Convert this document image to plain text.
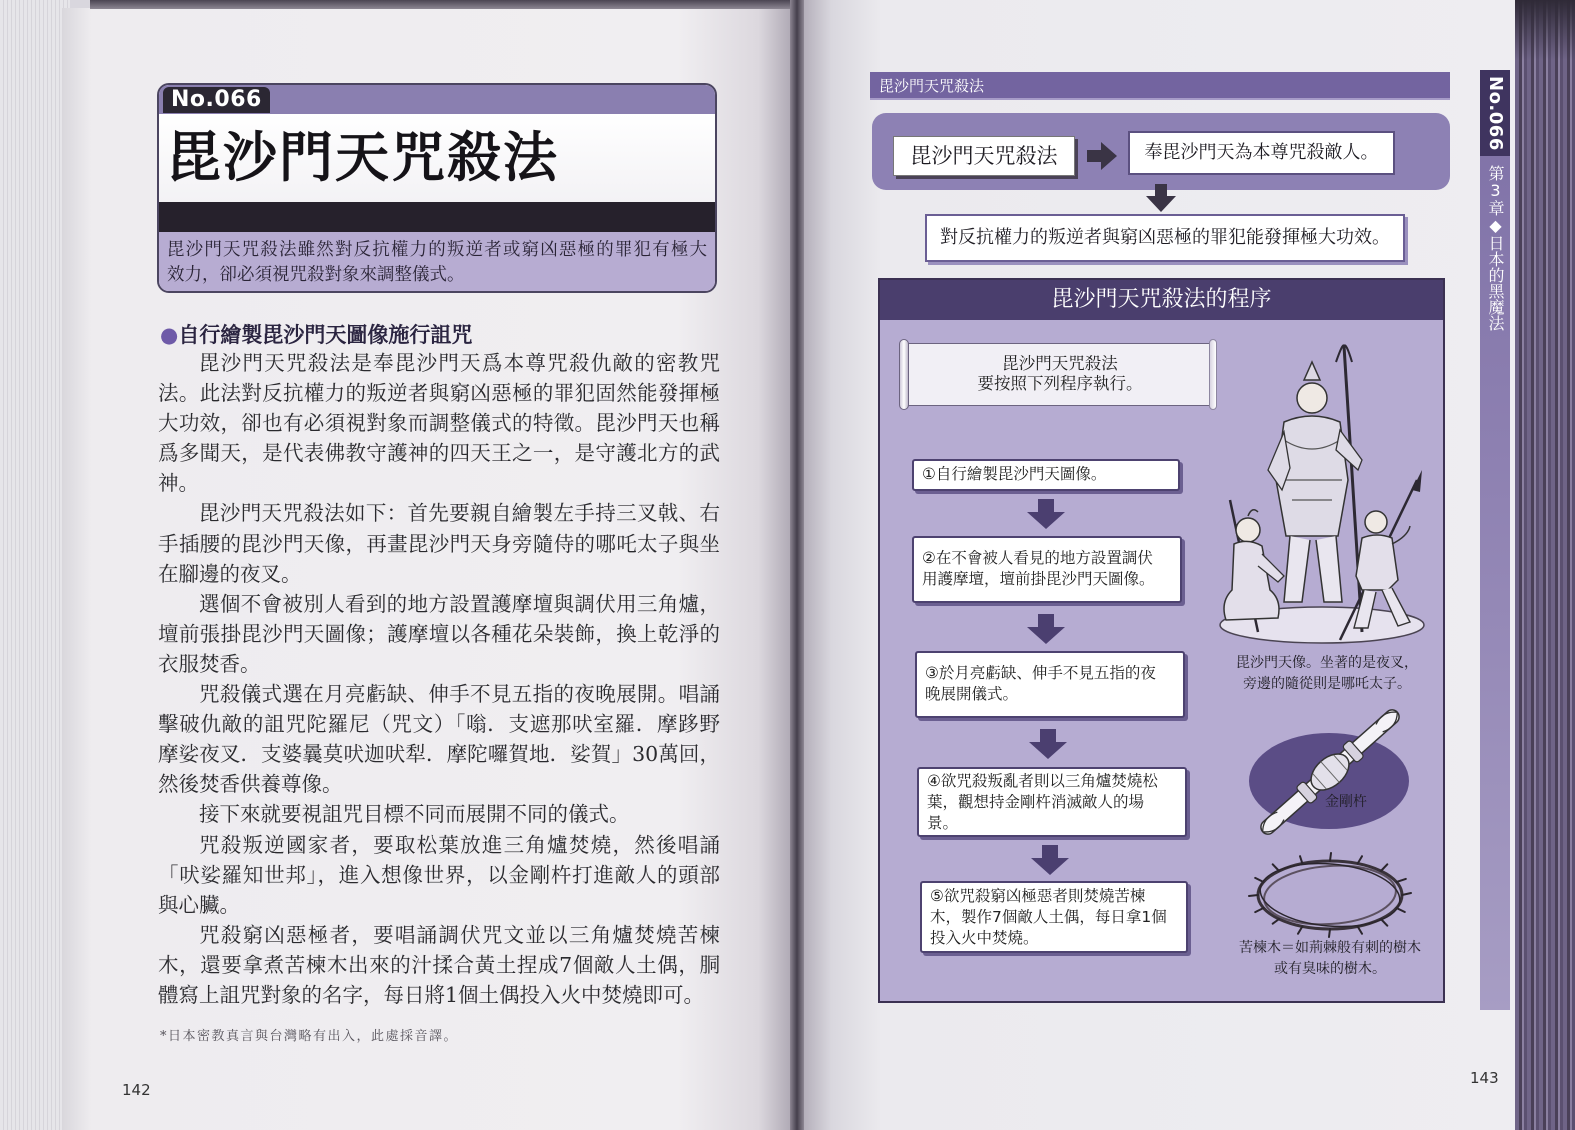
No.066
毘沙門天咒殺法
毘沙門天咒殺法雖然對反抗權力的叛逆者或窮凶惡極的罪犯有極大
效力，卻必須視咒殺對象來調整儀式。
●自行繪製毘沙門天圖像施行詛咒
毘沙門天咒殺法是奉毘沙門天爲本尊咒殺仇敵的密教咒
法。此法對反抗權力的叛逆者與窮凶惡極的罪犯固然能發揮極
大功效，卻也有必須視對象而調整儀式的特徵。毘沙門天也稱
爲多聞天，是代表佛教守護神的四天王之一，是守護北方的武
神。
毘沙門天咒殺法如下：首先要親自繪製左手持三叉戟、右
手插腰的毘沙門天像，再畫毘沙門天身旁隨侍的哪吒太子與坐
在腳邊的夜叉。
選個不會被別人看到的地方設置護摩壇與調伏用三角爐，
壇前張掛毘沙門天圖像；護摩壇以各種花朵裝飾，換上乾淨的
衣服焚香。
咒殺儀式選在月亮虧缺、伸手不見五指的夜晚展開。唱誦
擊破仇敵的詛咒陀羅尼（咒文）「嗡．支遮那吠室羅．摩跢野
摩娑夜叉．支婆曩莫吠迦吠犁．摩陀囉賀地．娑賀」30萬回，
然後焚香供養尊像。
接下來就要視詛咒目標不同而展開不同的儀式。
咒殺叛逆國家者，要取松葉放進三角爐焚燒，然後唱誦
「吠娑羅知世邦」，進入想像世界，以金剛杵打進敵人的頭部
與心臟。
咒殺窮凶惡極者，要唱誦調伏咒文並以三角爐焚燒苦楝
木，還要拿煮苦楝木出來的汁揉合黃土捏成7個敵人土偶，胴
體寫上詛咒對象的名字，每日將1個土偶投入火中焚燒即可。
*日本密教真言與台灣略有出入，此處採音譯。
142
毘沙門天咒殺法
毘沙門天咒殺法	奉毘沙門天為本尊咒殺敵人。
對反抗權力的叛逆者與窮凶惡極的罪犯能發揮極大功效。
毘沙門天咒殺法的程序
毘沙門天咒殺法
要按照下列程序執行。
①自行繪製毘沙門天圖像。
②在不會被人看見的地方設置調伏
用護摩壇，壇前掛毘沙門天圖像。
③於月亮虧缺、伸手不見五指的夜
晚展開儀式。
④欲咒殺叛亂者則以三角爐焚燒松
葉，觀想持金剛杵消滅敵人的場
景。
⑤欲咒殺窮凶極惡者則焚燒苦楝
木，製作7個敵人土偶，每日拿1個
投入火中焚燒。
毘沙門天像。坐著的是夜叉，
旁邊的隨從則是哪吒太子。
金剛杵
苦楝木＝如荊棘般有刺的樹木
或有臭味的樹木。
No.066
第3章◆日本的黑魔法
143
